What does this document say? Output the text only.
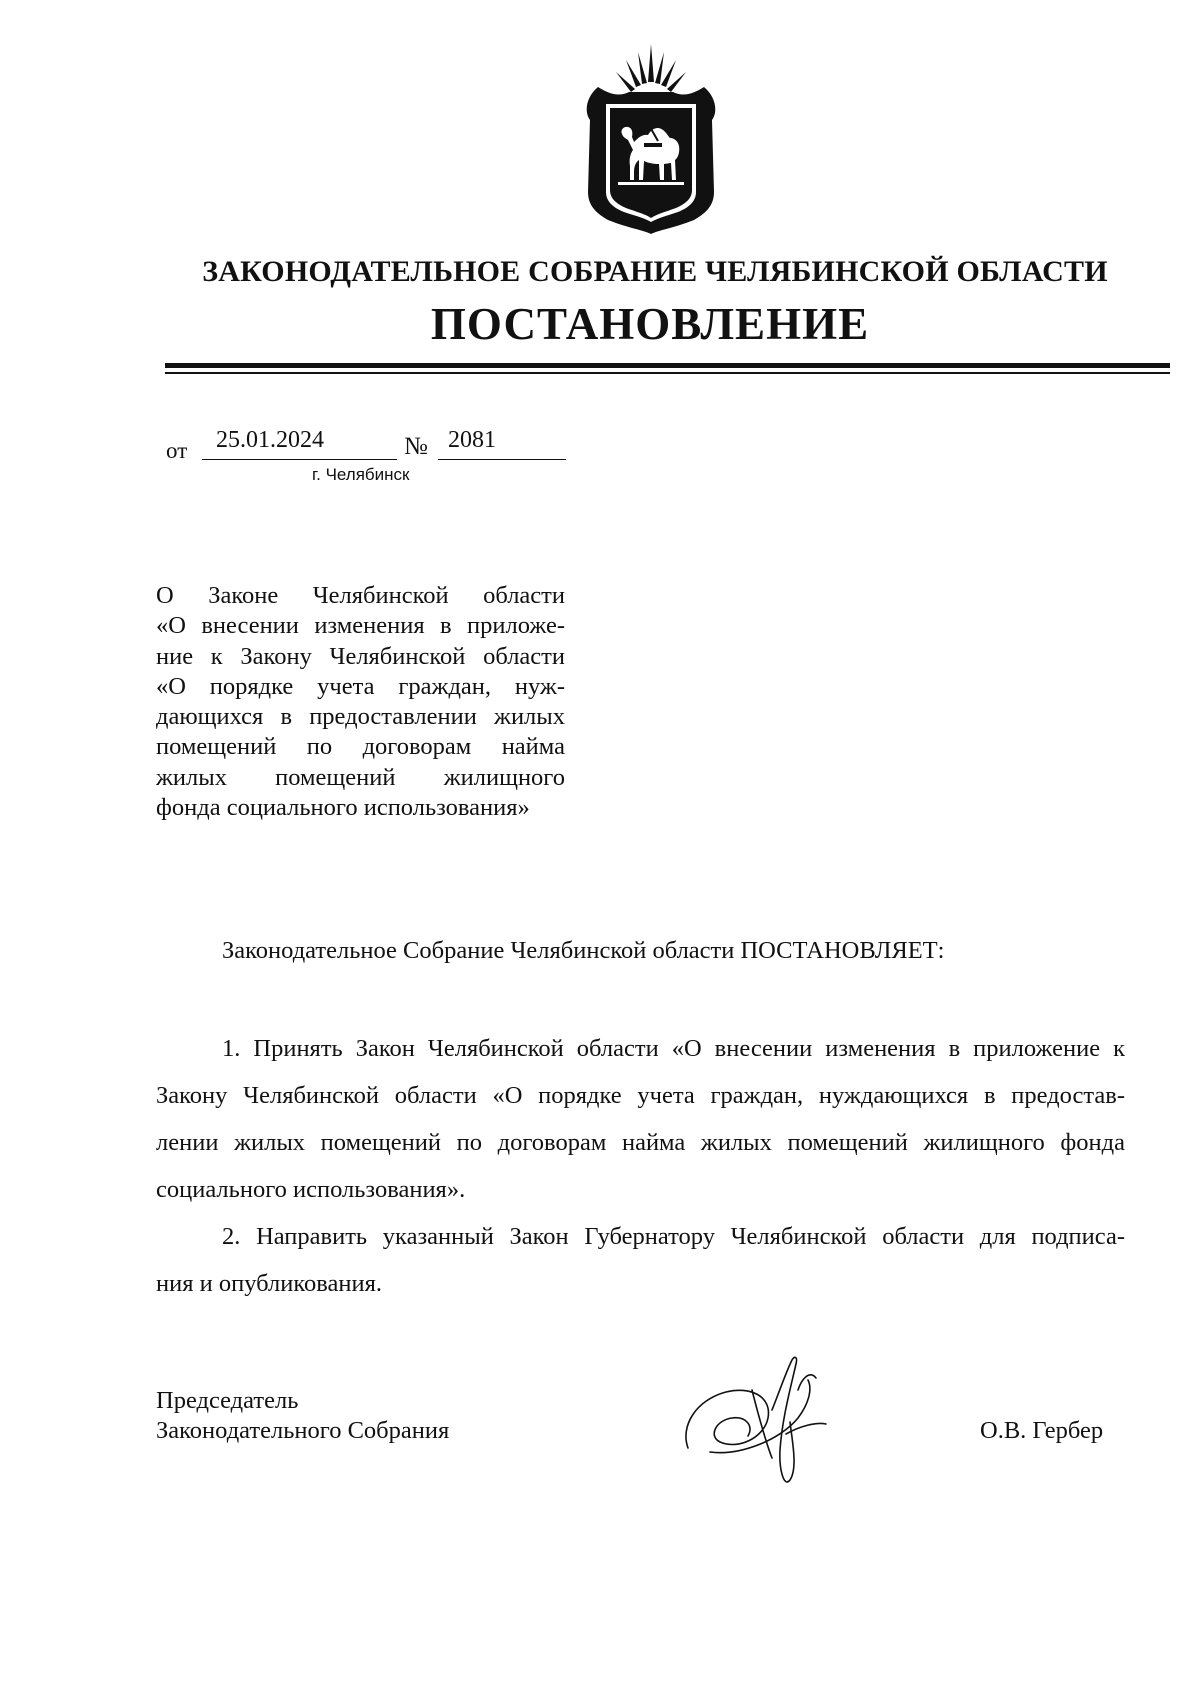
ЗАКОНОДАТЕЛЬНОЕ СОБРАНИЕ ЧЕЛЯБИНСКОЙ ОБЛАСТИ
ПОСТАНОВЛЕНИЕ
от 25.01.2024	№ 2081
г. Челябинск
О Законе Челябинской области
«О внесении изменения в приложе-
ние к Закону Челябинской области
«О порядке учета граждан, нуж-
дающихся в предоставлении жилых
помещений по договорам найма
жилых помещений жилищного
фонда социального использования»
Законодательное Собрание Челябинской области ПОСТАНОВЛЯЕТ:
1. Принять Закон Челябинской области «О внесении изменения в приложение к
Закону Челябинской области «О порядке учета граждан, нуждающихся в предостав-
лении жилых помещений по договорам найма жилых помещений жилищного фонда
социального использования».
2. Направить указанный Закон Губернатору Челябинской области для подписа-
ния и опубликования.
Председатель
Законодательного Собрания	О.В. Гербер
